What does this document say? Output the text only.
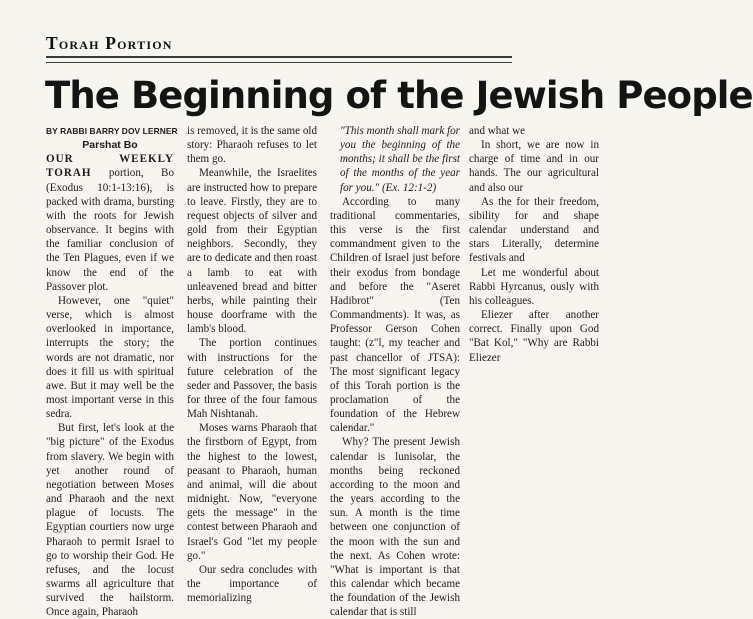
Torah Portion
The Beginning of the Jewish People

BY RABBI BARRY DOV LERNER

Parshat Bo

OUR WEEKLY TORAH portion, Bo (Exodus 10:1-13:16), is packed with drama, bursting with the roots for Jewish observance. It begins with the familiar conclusion of the Ten Plagues, even if we know the end of the Passover plot.

However, one "quiet" verse, which is almost overlooked in importance, interrupts the story; the words are not dramatic, nor does it fill us with spiritual awe. But it may well be the most important verse in this sedra.

But first, let's look at the "big picture" of the Exodus from slavery. We begin with yet another round of negotiation between Moses and Pharaoh and the next plague of locusts. The Egyptian courtiers now urge Pharaoh to permit Israel to go to worship their God. He refuses, and the locust swarms all agriculture that survived the hailstorm. Once again, Pharaoh

is removed, it is the same old story: Pharaoh refuses to let them go.

Meanwhile, the Israelites are instructed how to prepare to leave. Firstly, they are to request objects of silver and gold from their Egyptian neighbors. Secondly, they are to dedicate and then roast a lamb to eat with unleavened bread and bitter herbs, while painting their house doorframe with the lamb's blood.

The portion continues with instructions for the future celebration of the seder and Passover, the basis for three of the four famous Mah Nishtanah.

Moses warns Pharaoh that the firstborn of Egypt, from the highest to the lowest, peasant to Pharaoh, human and animal, will die about midnight. Now, "everyone gets the message" in the contest between Pharaoh and Israel's God "let my people go."

Our sedra concludes with the importance of memorializing

"This month shall mark for you the beginning of the months; it shall be the first of the months of the year for you." (Ex. 12:1-2)

According to many traditional commentaries, this verse is the first commandment given to the Children of Israel just before their exodus from bondage and before the "Aseret Hadibrot" (Ten Commandments). It was, as Professor Gerson Cohen taught: (z"l, my teacher and past chancellor of JTSA): The most significant legacy of this Torah portion is the proclamation of the foundation of the Hebrew calendar."

Why? The present Jewish calendar is lunisolar, the months being reckoned according to the moon and the years according to the sun. A month is the time between one conjunction of the moon with the sun and the next. As Cohen wrote: "What is important is that this calendar which became the foundation of the Jewish calendar that is still

and what we

In short, we are now in charge of time and in our hands. The our agricultural and also our

As the for their freedom, sibility for and shape calendar understand and stars Literally, determine festivals and

Let me wonderful about Rabbi Hyrcanus, ously with his colleagues.

Eliezer after another correct. Finally upon God "Bat Kol," "Why are Rabbi Eliezer
